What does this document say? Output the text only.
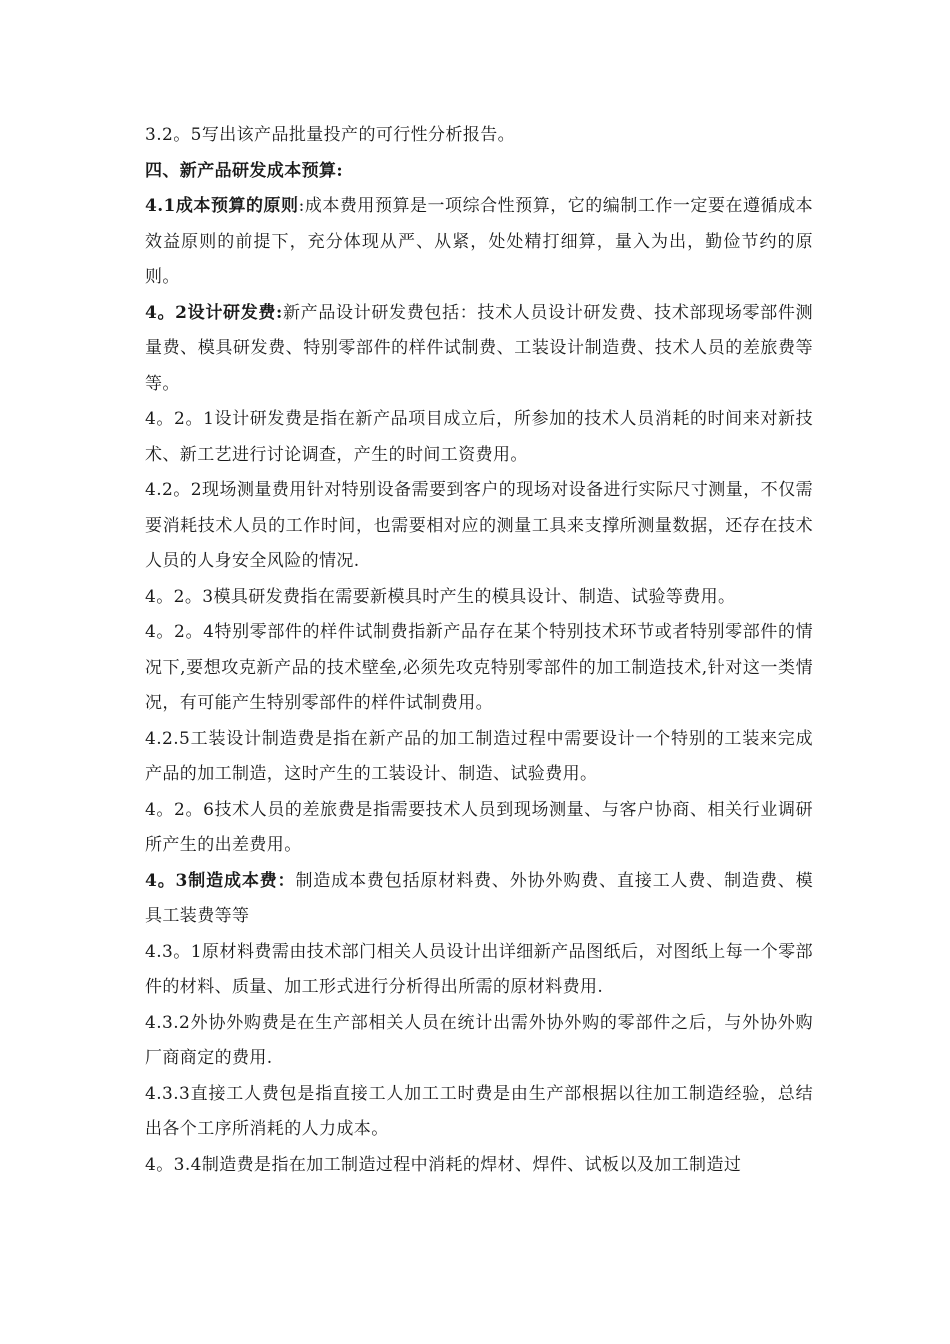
3.2。5写出该产品批量投产的可行性分析报告。

四、新产品研发成本预算:

4.1成本预算的原则:成本费用预算是一项综合性预算，它的编制工作一定要在遵循成本效益原则的前提下，充分体现从严、从紧，处处精打细算，量入为出，勤俭节约的原则。

4。2设计研发费:新产品设计研发费包括：技术人员设计研发费、技术部现场零部件测量费、模具研发费、特别零部件的样件试制费、工装设计制造费、技术人员的差旅费等等。

4。2。1设计研发费是指在新产品项目成立后，所参加的技术人员消耗的时间来对新技术、新工艺进行讨论调查，产生的时间工资费用。

4.2。2现场测量费用针对特别设备需要到客户的现场对设备进行实际尺寸测量，不仅需要消耗技术人员的工作时间，也需要相对应的测量工具来支撑所测量数据，还存在技术人员的人身安全风险的情况.

4。2。3模具研发费指在需要新模具时产生的模具设计、制造、试验等费用。

4。2。4特别零部件的样件试制费指新产品存在某个特别技术环节或者特别零部件的情况下,要想攻克新产品的技术壁垒,必须先攻克特别零部件的加工制造技术,针对这一类情况，有可能产生特别零部件的样件试制费用。

4.2.5工装设计制造费是指在新产品的加工制造过程中需要设计一个特别的工装来完成产品的加工制造，这时产生的工装设计、制造、试验费用。

4。2。6技术人员的差旅费是指需要技术人员到现场测量、与客户协商、相关行业调研所产生的出差费用。

4。3制造成本费：制造成本费包括原材料费、外协外购费、直接工人费、制造费、模具工装费等等

4.3。1原材料费需由技术部门相关人员设计出详细新产品图纸后，对图纸上每一个零部件的材料、质量、加工形式进行分析得出所需的原材料费用.

4.3.2外协外购费是在生产部相关人员在统计出需外协外购的零部件之后，与外协外购厂商商定的费用.

4.3.3直接工人费包是指直接工人加工工时费是由生产部根据以往加工制造经验，总结出各个工序所消耗的人力成本。

4。3.4制造费是指在加工制造过程中消耗的焊材、焊件、试板以及加工制造过
